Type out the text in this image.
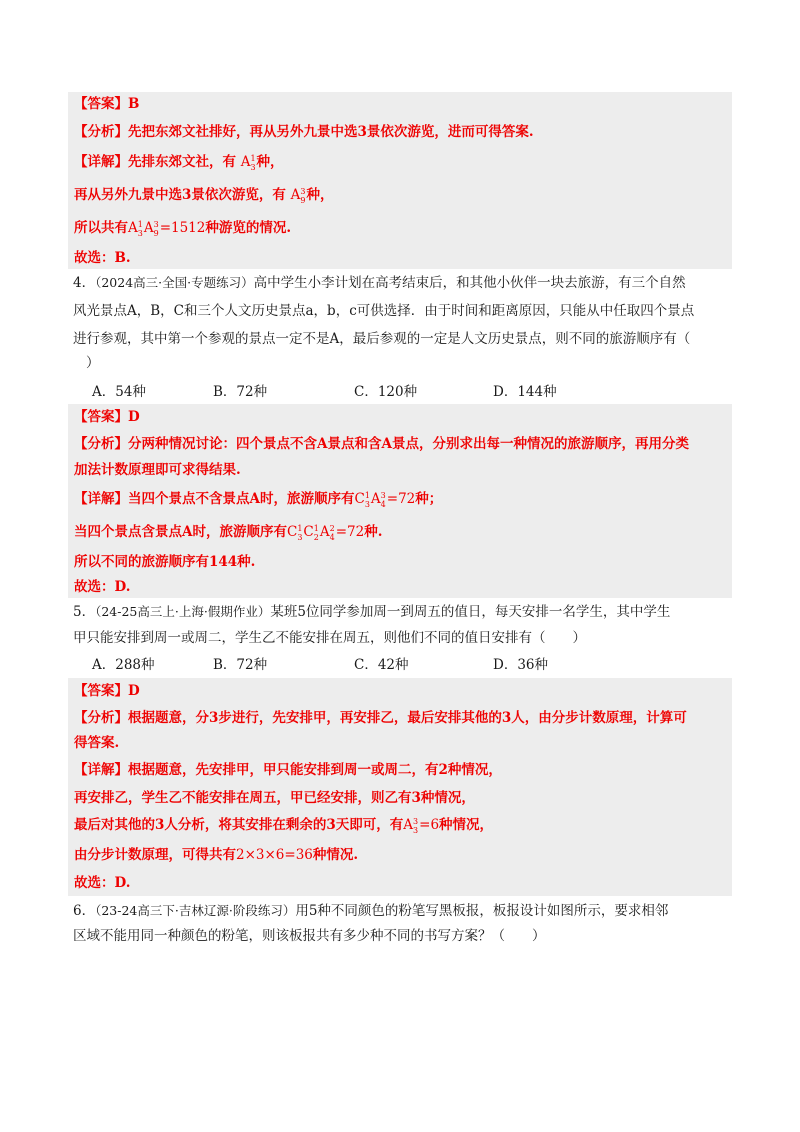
【答案】B
【分析】先把东郊文社排好，再从另外九景中选3景依次游览，进而可得答案.
【详解】先排东郊文社，有 A 1
3 种，
再从另外九景中选3景依次游览，有 A 3
9 种，
所以共有A 1
3 A 3
9 =1512种游览的情况.
故选：B.
4．（2024高三·全国·专题练习）高中学生小李计划在高考结束后，和其他小伙伴一块去旅游，有三个自然
风光景点A，B，C和三个人文历史景点a，b，c可供选择．由于时间和距离原因，只能从中任取四个景点
进行参观，其中第一个参观的景点一定不是A，最后参观的一定是人文历史景点，则不同的旅游顺序有（
）
A．54种	B．72种	C．120种	D．144种
【答案】D
【分析】分两种情况讨论：四个景点不含A景点和含A景点，分别求出每一种情况的旅游顺序，再用分类
加法计数原理即可求得结果.
【详解】当四个景点不含景点A时，旅游顺序有C 1
3 A 3
4 =72种；
当四个景点含景点A时，旅游顺序有C 1
3 C 1
2 A 2
4 =72种.
所以不同的旅游顺序有144种.
故选：D.
5．（24-25高三上·上海·假期作业）某班5位同学参加周一到周五的值日，每天安排一名学生，其中学生
甲只能安排到周一或周二，学生乙不能安排在周五，则他们不同的值日安排有（　　）
A．288种	B．72种	C．42种	D．36种
【答案】D
【分析】根据题意，分3步进行，先安排甲，再安排乙，最后安排其他的3人，由分步计数原理，计算可
得答案.
【详解】根据题意，先安排甲，甲只能安排到周一或周二，有2种情况，
再安排乙，学生乙不能安排在周五，甲已经安排，则乙有3种情况，
最后对其他的3人分析，将其安排在剩余的3天即可，有A 3
3 =6种情况，
由分步计数原理，可得共有2×3×6=36种情况.
故选：D.
6．（23-24高三下·吉林辽源·阶段练习）用5种不同颜色的粉笔写黑板报，板报设计如图所示，要求相邻
区域不能用同一种颜色的粉笔，则该板报共有多少种不同的书写方案？（　　）
